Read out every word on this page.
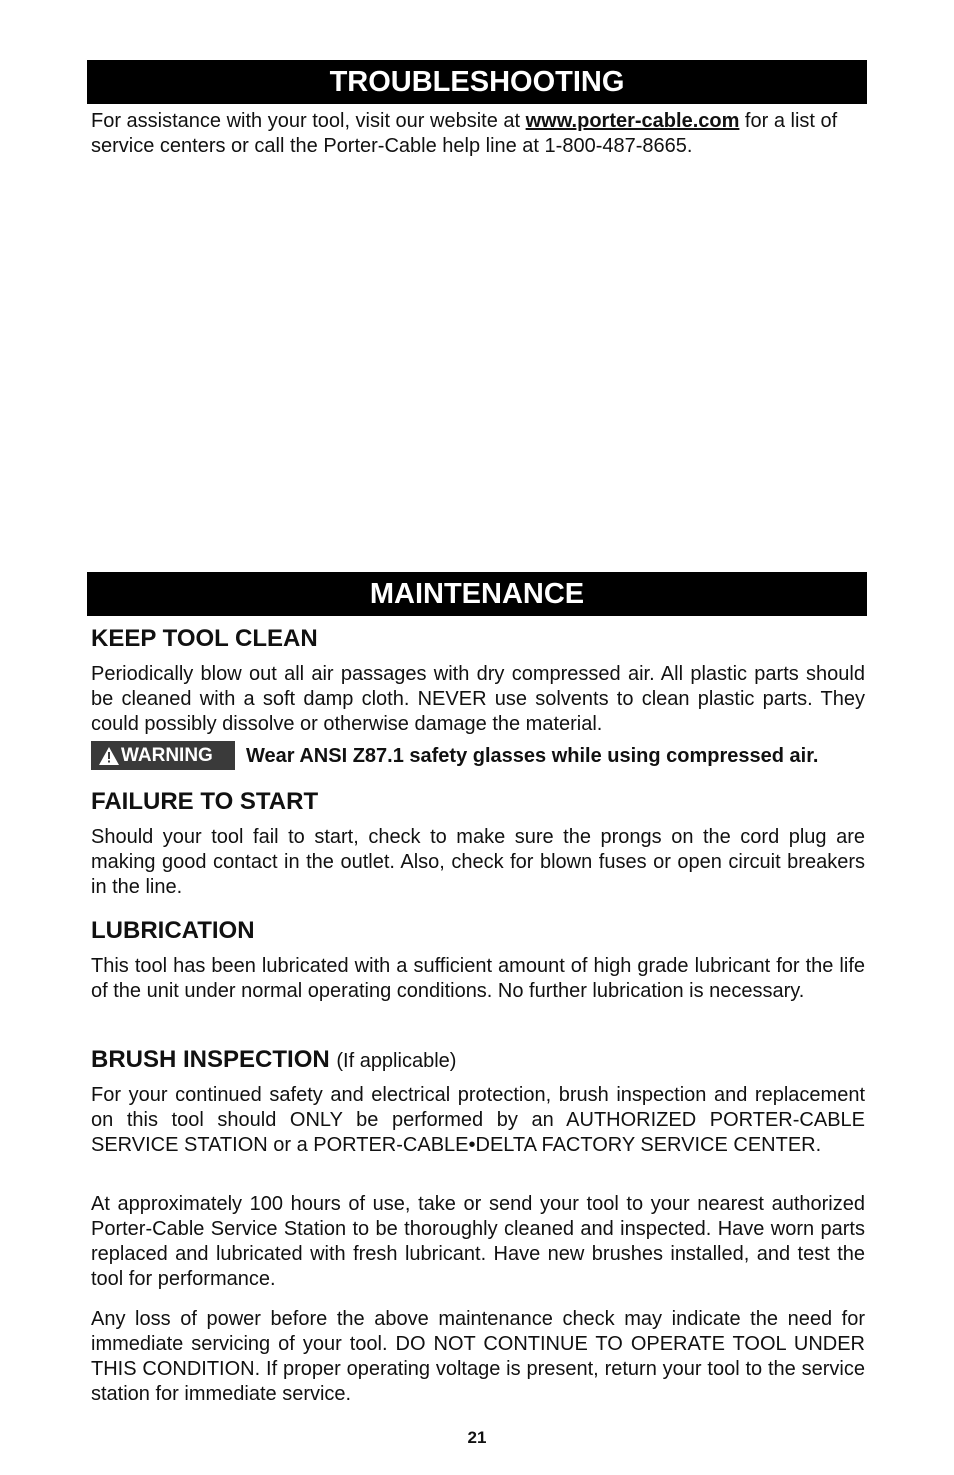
TROUBLESHOOTING

For assistance with your tool, visit our website at www.porter-cable.com for a list of service centers or call the Porter-Cable help line at 1-800-487-8665.

MAINTENANCE
KEEP TOOL CLEAN

Periodically blow out all air passages with dry compressed air. All plastic parts should be cleaned with a soft damp cloth. NEVER use solvents to clean plastic parts. They could possibly dissolve or otherwise damage the material.

WARNING Wear ANSI Z87.1 safety glasses while using compressed air.
FAILURE TO START

Should your tool fail to start, check to make sure the prongs on the cord plug are making good contact in the outlet. Also, check for blown fuses or open circuit breakers in the line.

LUBRICATION

This tool has been lubricated with a sufficient amount of high grade lubricant for the life of the unit under normal operating conditions. No further lubrication is necessary.

BRUSH INSPECTION (If applicable)

For your continued safety and electrical protection, brush inspection and replacement on this tool should ONLY be performed by an AUTHORIZED PORTER-CABLE SERVICE STATION or a PORTER-CABLE•DELTA FACTORY SERVICE CENTER.

At approximately 100 hours of use, take or send your tool to your nearest authorized Porter-Cable Service Station to be thoroughly cleaned and inspected. Have worn parts replaced and lubricated with fresh lubricant. Have new brushes installed, and test the tool for performance.

Any loss of power before the above maintenance check may indicate the need for immediate servicing of your tool. DO NOT CONTINUE TO OPERATE TOOL UNDER THIS CONDITION. If proper operating voltage is present, return your tool to the service station for immediate service.

21
